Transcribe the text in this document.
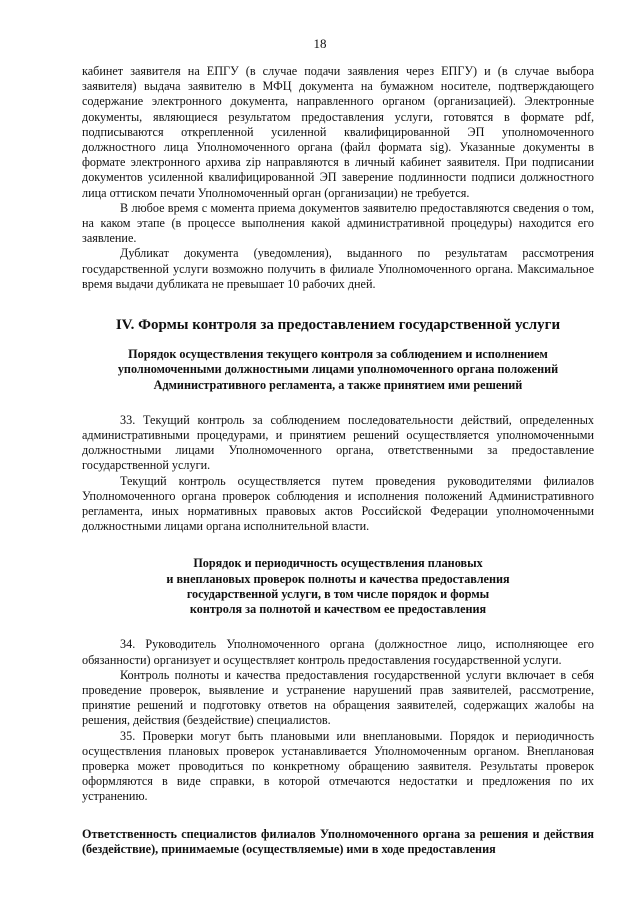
18

кабинет заявителя на ЕПГУ (в случае подачи заявления через ЕПГУ) и (в случае выбора заявителя) выдача заявителю в МФЦ документа на бумажном носителе, подтверждающего содержание электронного документа, направленного органом (организацией). Электронные документы, являющиеся результатом предоставления услуги, готовятся в формате pdf, подписываются открепленной усиленной квалифицированной ЭП уполномоченного должностного лица Уполномоченного органа (файл формата sig). Указанные документы в формате электронного архива zip направляются в личный кабинет заявителя. При подписании документов усиленной квалифицированной ЭП заверение подлинности подписи должностного лица оттиском печати Уполномоченный орган (организации) не требуется.

В любое время с момента приема документов заявителю предоставляются сведения о том, на каком этапе (в процессе выполнения какой административной процедуры) находится его заявление.

Дубликат документа (уведомления), выданного по результатам рассмотрения государственной услуги возможно получить в филиале Уполномоченного органа. Максимальное время выдачи дубликата не превышает 10 рабочих дней.

IV. Формы контроля за предоставлением государственной услуги
Порядок осуществления текущего контроля за соблюдением и исполнением уполномоченными должностными лицами уполномоченного органа положений Административного регламента, а также принятием ими решений

33. Текущий контроль за соблюдением последовательности действий, определенных административными процедурами, и принятием решений осуществляется уполномоченными должностными лицами Уполномоченного органа, ответственными за предоставление государственной услуги.

Текущий контроль осуществляется путем проведения руководителями филиалов Уполномоченного органа проверок соблюдения и исполнения положений Административного регламента, иных нормативных правовых актов Российской Федерации уполномоченными должностными лицами органа исполнительной власти.

Порядок и периодичность осуществления плановых
и внеплановых проверок полноты и качества предоставления
государственной услуги, в том числе порядок и формы
контроля за полнотой и качеством ее предоставления

34. Руководитель Уполномоченного органа (должностное лицо, исполняющее его обязанности) организует и осуществляет контроль предоставления государственной услуги.

Контроль полноты и качества предоставления государственной услуги включает в себя проведение проверок, выявление и устранение нарушений прав заявителей, рассмотрение, принятие решений и подготовку ответов на обращения заявителей, содержащих жалобы на решения, действия (бездействие) специалистов.

35. Проверки могут быть плановыми или внеплановыми. Порядок и периодичность осуществления плановых проверок устанавливается Уполномоченным органом. Внеплановая проверка может проводиться по конкретному обращению заявителя. Результаты проверок оформляются в виде справки, в которой отмечаются недостатки и предложения по их устранению.

Ответственность специалистов филиалов Уполномоченного органа за решения и действия (бездействие), принимаемые (осуществляемые) ими в ходе предоставления
